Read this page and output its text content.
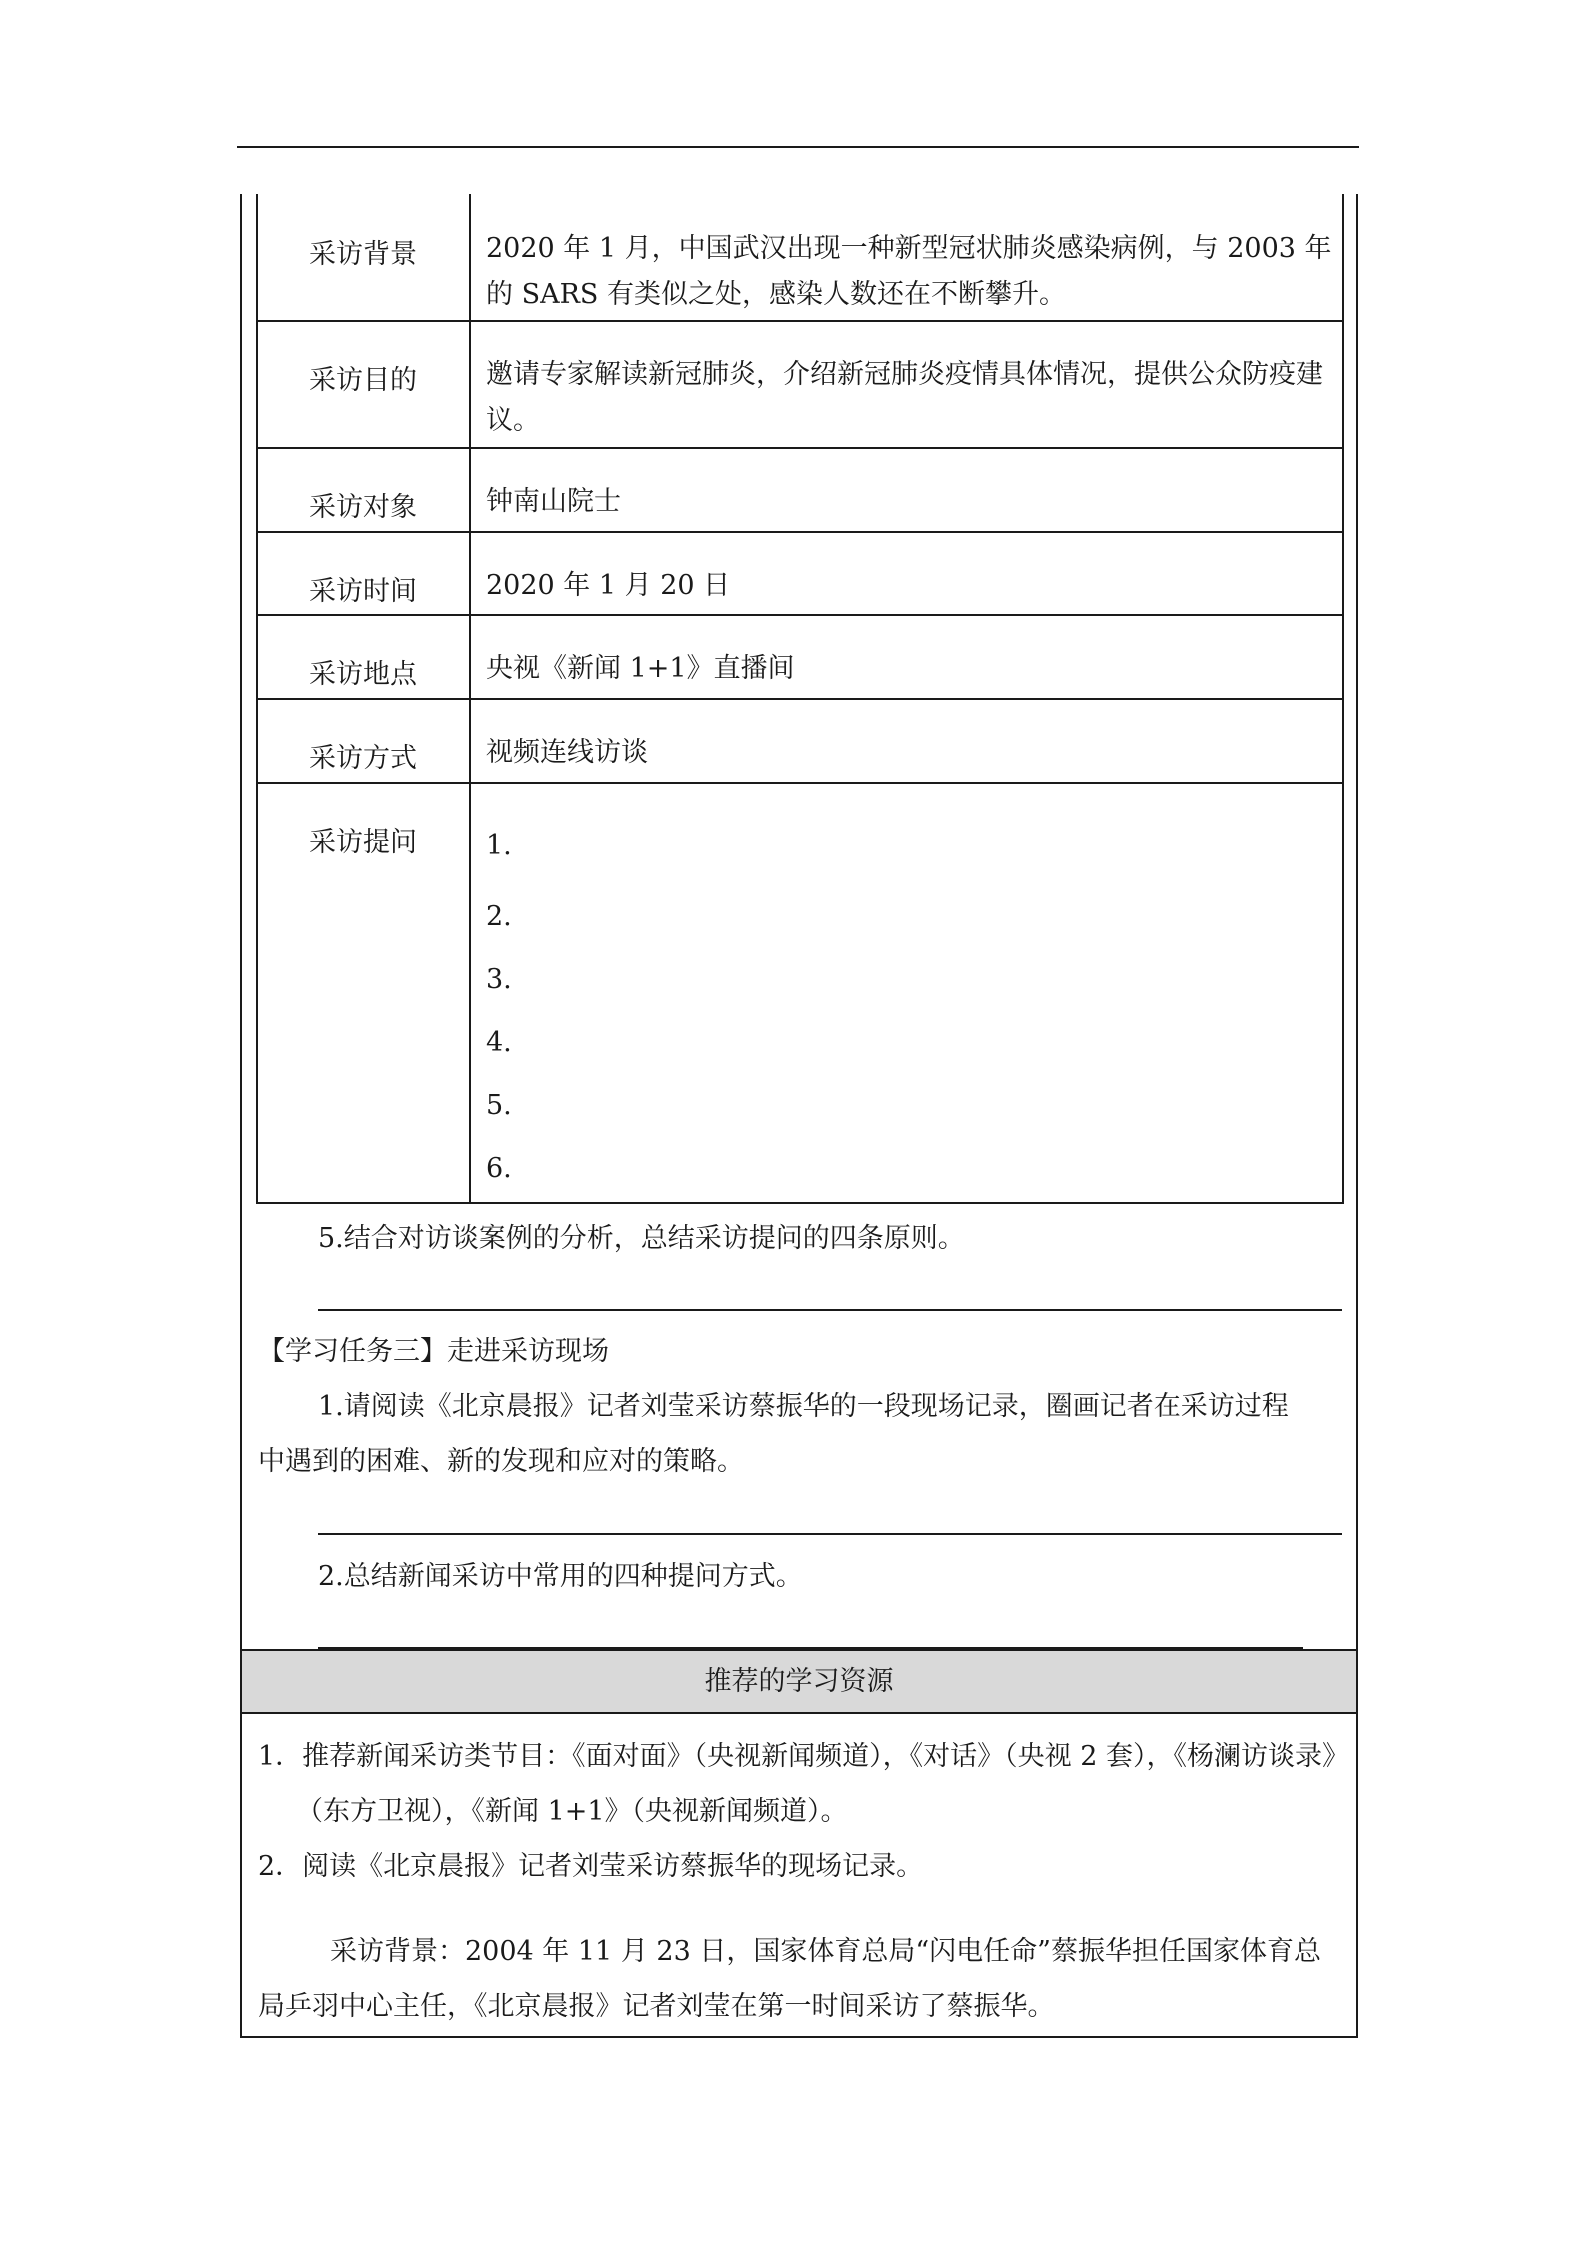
采访背景	2020 年 1 月，中国武汉出现一种新型冠状肺炎感染病例，与 2003 年的 SARS 有类似之处，感染人数还在不断攀升。
采访目的	邀请专家解读新冠肺炎，介绍新冠肺炎疫情具体情况，提供公众防疫建议。
采访对象	钟南山院士
采访时间	2020 年 1 月 20 日
采访地点	央视《新闻 1+1》直播间
采访方式	视频连线访谈
采访提问	1.
2.
3.
4.
5.
6.
5.结合对访谈案例的分析，总结采访提问的四条原则。
【学习任务三】走进采访现场
1.请阅读《北京晨报》记者刘莹采访蔡振华的一段现场记录，圈画记者在采访过程
中遇到的困难、新的发现和应对的策略。
2.总结新闻采访中常用的四种提问方式。
推荐的学习资源
1．推荐新闻采访类节目：《面对面》（央视新闻频道），《对话》（央视 2 套），《杨澜访谈录》
（东方卫视），《新闻 1+1》（央视新闻频道）。
2．阅读《北京晨报》记者刘莹采访蔡振华的现场记录。
采访背景：2004 年 11 月 23 日，国家体育总局“闪电任命”蔡振华担任国家体育总
局乒羽中心主任，《北京晨报》记者刘莹在第一时间采访了蔡振华。
